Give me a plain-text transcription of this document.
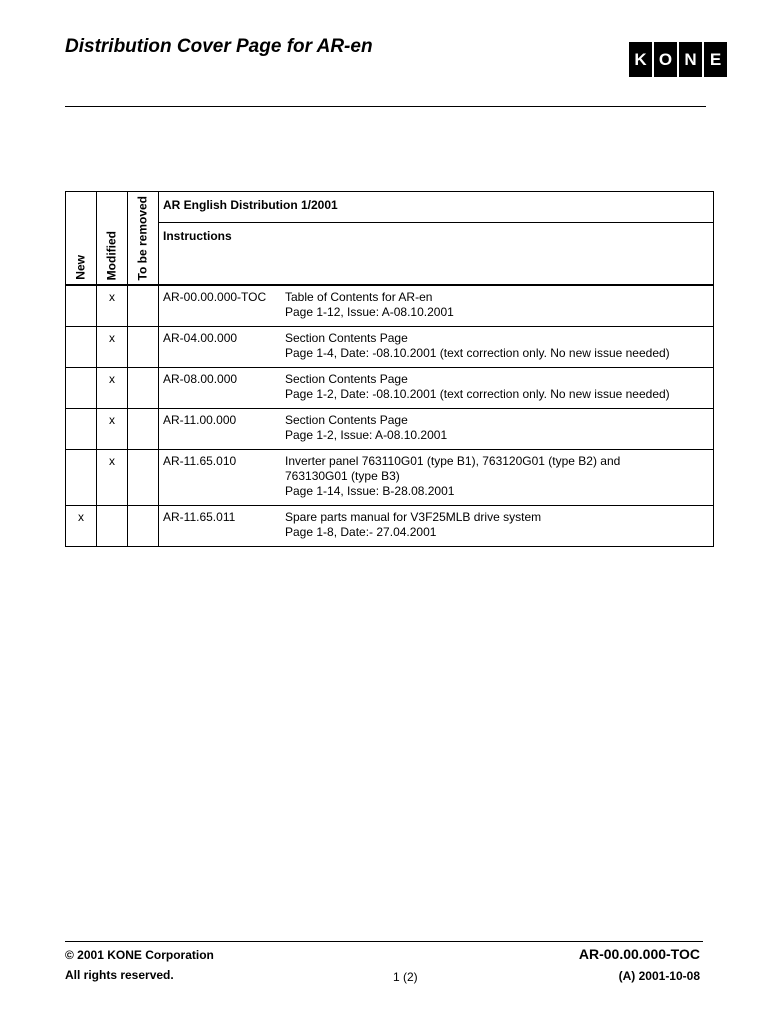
Distribution Cover Page for AR-en
K O N E
New	Modified	To be removed	AR English Distribution 1/2001
			Instructions
	x		AR-00.00.000-TOC Table of Contents for AR-en
Page 1-12, Issue: A-08.10.2001

	x		AR-04.00.000 Section Contents Page
Page 1-4, Date: -08.10.2001 (text correction only. No new issue needed)

	x		AR-08.00.000 Section Contents Page
Page 1-2, Date: -08.10.2001 (text correction only. No new issue needed)

	x		AR-11.00.000 Section Contents Page
Page 1-2, Issue: A-08.10.2001

	x		AR-11.65.010 Inverter panel 763110G01 (type B1), 763120G01 (type B2) and
763130G01 (type B3)
Page 1-14, Issue: B-28.08.2001

x			AR-11.65.011 Spare parts manual for V3F25MLB drive system
Page 1-8, Date:- 27.04.2001
© 2001 KONE Corporation
All rights reserved.	1 (2)
AR-00.00.000-TOC
(A) 2001-10-08
